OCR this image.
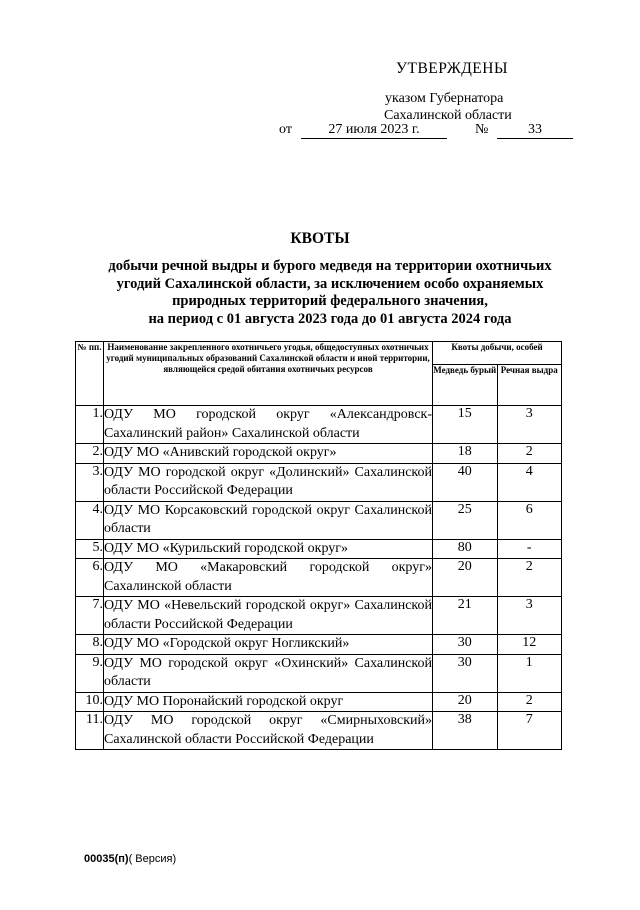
УТВЕРЖДЕНЫ
указом Губернатора
Сахалинской области
от	27 июля 2023 г.	№	33
КВОТЫ
добычи речной выдры и бурого медведя на территории охотничьих
угодий Сахалинской области, за исключением особо охраняемых
природных территорий федерального значения,
на период с 01 августа 2023 года до 01 августа 2024 года
№ пп.	Наименование закрепленного охотничьего угодья, общедоступных охотничьих угодий муниципальных образований Сахалинской области и иной территории, являющейся средой обитания охотничьих ресурсов	Квоты добычи, особей	
		Медведь бурый	Речная выдра
1.	ОДУ МО городской округ «Александровск-Сахалинский район» Сахалинской области	15	3
2.	ОДУ МО «Анивский городской округ»	18	2
3.	ОДУ МО городской округ «Долинский» Сахалинской области Российской Федерации	40	4
4.	ОДУ МО Корсаковский городской округ Сахалинской области	25	6
5.	ОДУ МО «Курильский городской округ»	80	-
6.	ОДУ МО «Макаровский городской округ» Сахалинской области	20	2
7.	ОДУ МО «Невельский городской округ» Сахалинской области Российской Федерации	21	3
8.	ОДУ МО «Городской округ Ногликский»	30	12
9.	ОДУ МО городской округ «Охинский» Сахалинской области	30	1
10.	ОДУ МО Поронайский городской округ	20	2
11.	ОДУ МО городской округ «Смирныховский» Сахалинской области Российской Федерации	38	7
00035(п)( Версия)
